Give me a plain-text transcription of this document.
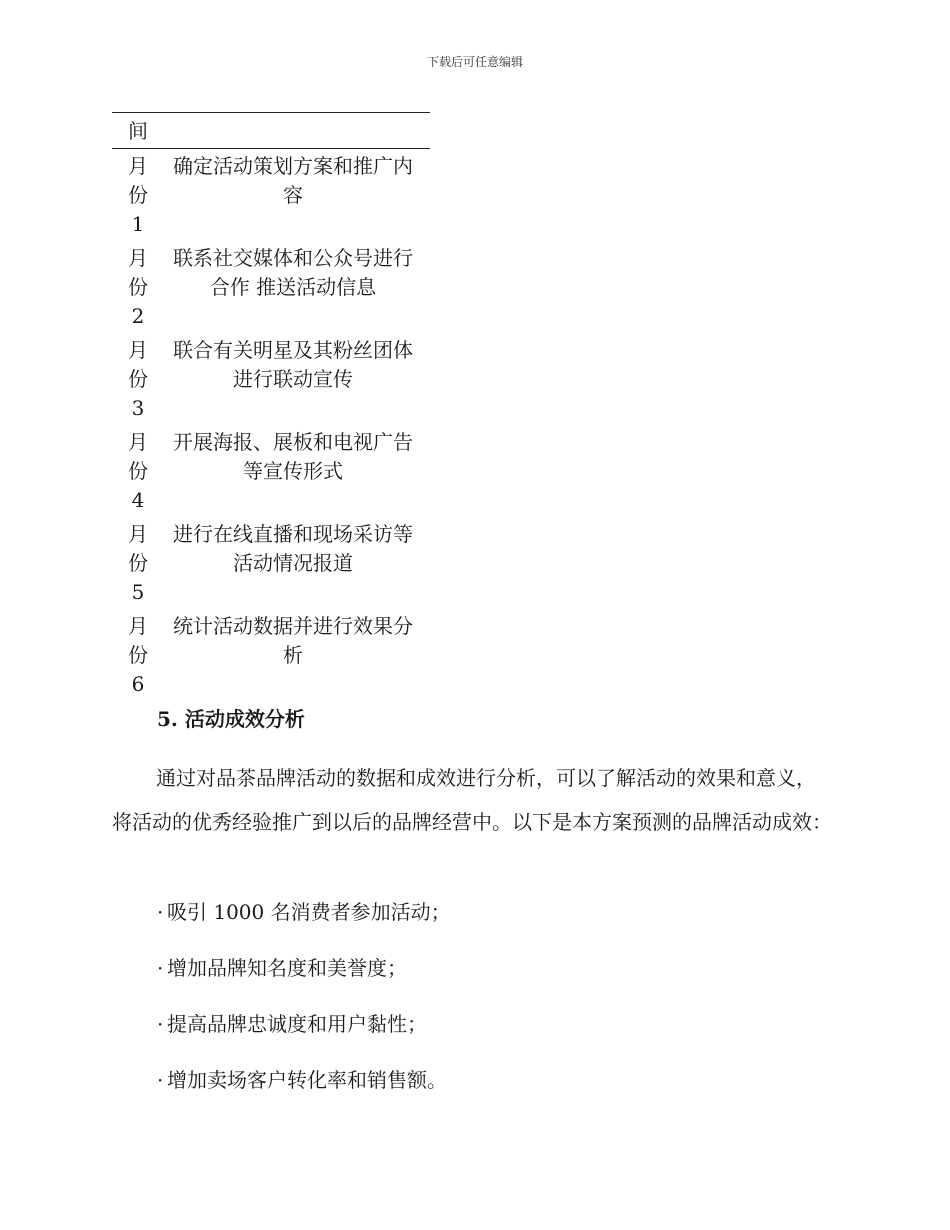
下载后可任意编辑
间	

月
份
1	确定活动策划方案和推广内容

月
份
2	联系社交媒体和公众号进行合作 推送活动信息

月
份
3	联合有关明星及其粉丝团体进行联动宣传

月
份
4	开展海报、展板和电视广告等宣传形式

月
份
5	进行在线直播和现场采访等活动情况报道

月
份
6	统计活动数据并进行效果分析
5. 活动成效分析

通过对品茶品牌活动的数据和成效进行分析，可以了解活动的效果和意义，将活动的优秀经验推广到以后的品牌经营中。以下是本方案预测的品牌活动成效：

· 吸引 1000 名消费者参加活动；
· 增加品牌知名度和美誉度；
· 提高品牌忠诚度和用户黏性；
· 增加卖场客户转化率和销售额。
